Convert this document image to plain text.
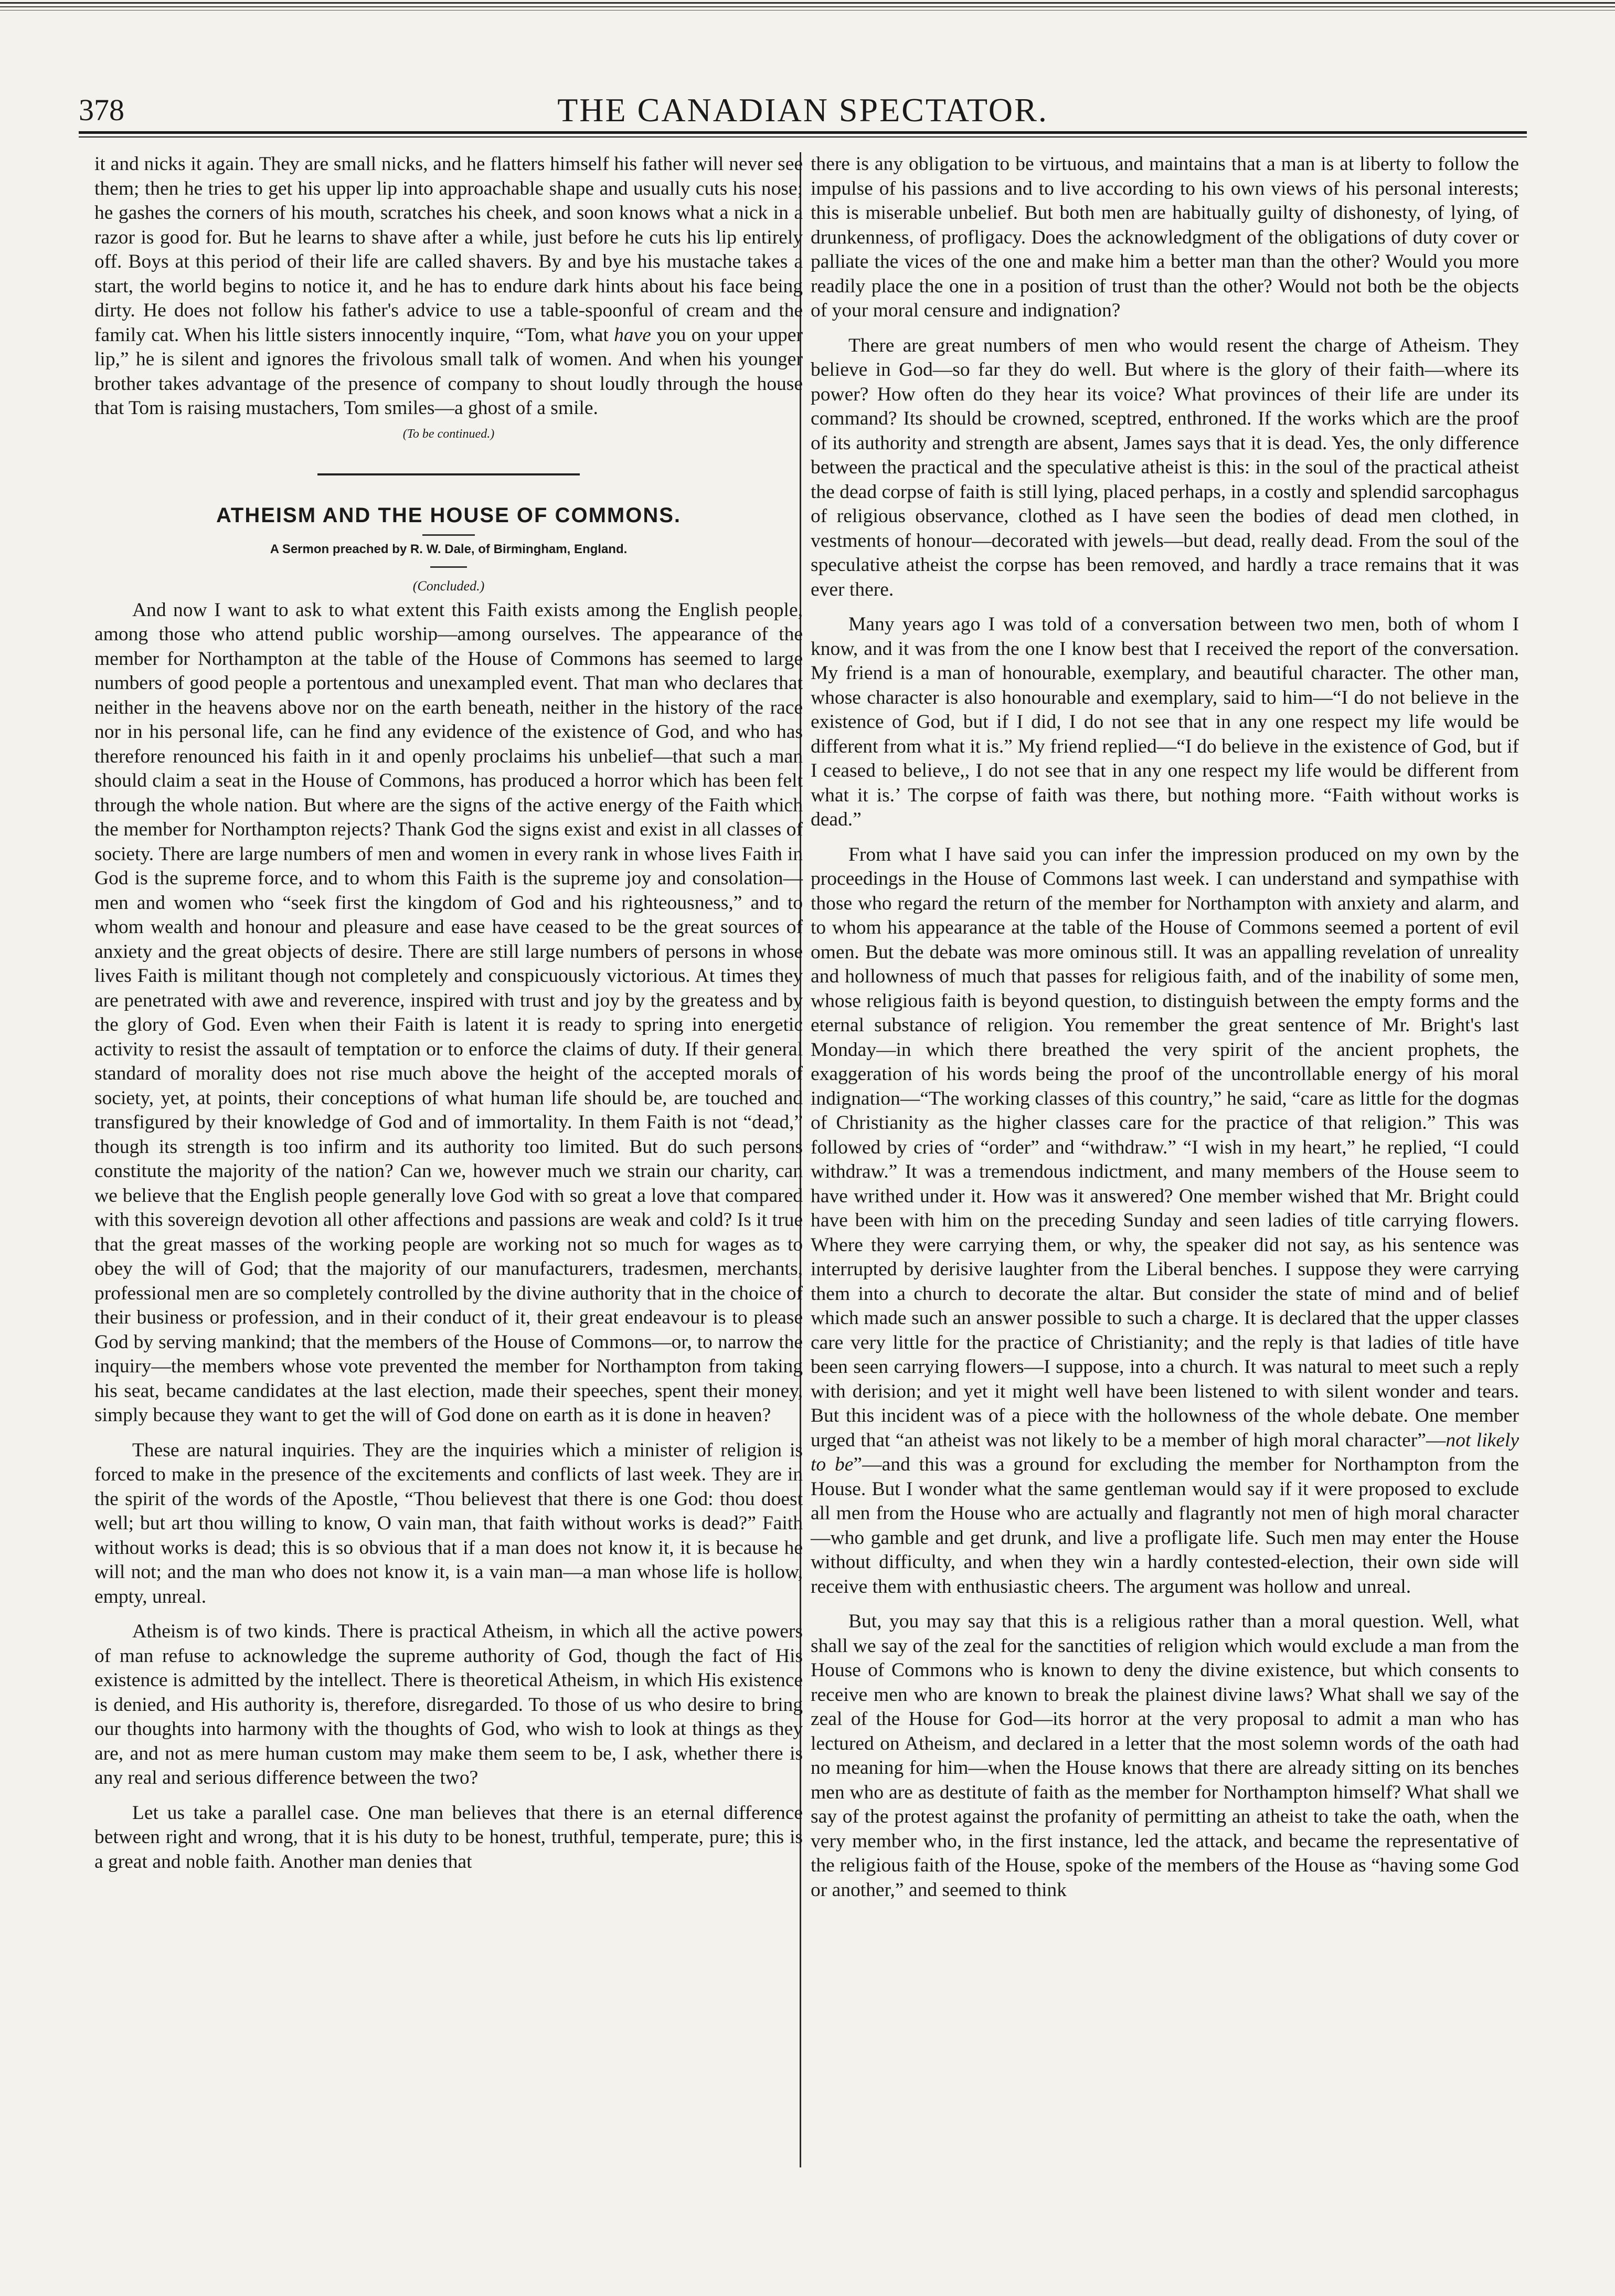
THE CANADIAN SPECTATOR.
378

it and nicks it again. They are small nicks, and he flatters himself his father will never see them; then he tries to get his upper lip into approachable shape and usually cuts his nose; he gashes the corners of his mouth, scratches his cheek, and soon knows what a nick in a razor is good for. But he learns to shave after a while, just before he cuts his lip entirely off. Boys at this period of their life are called shavers. By and bye his mustache takes a start, the world begins to notice it, and he has to endure dark hints about his face being dirty. He does not follow his father's advice to use a table-spoonful of cream and the family cat. When his little sisters innocently inquire, “Tom, what have you on your upper lip,” he is silent and ignores the frivolous small talk of women. And when his younger brother takes advantage of the presence of company to shout loudly through the house that Tom is raising mustachers, Tom smiles—a ghost of a smile.

(To be continued.)
ATHEISM AND THE HOUSE OF COMMONS.
A Sermon preached by R. W. Dale, of Birmingham, England.
(Concluded.)

And now I want to ask to what extent this Faith exists among the English people, among those who attend public worship—among ourselves. The appearance of the member for Northampton at the table of the House of Commons has seemed to large numbers of good people a portentous and unexampled event. That man who declares that neither in the heavens above nor on the earth beneath, neither in the history of the race nor in his personal life, can he find any evidence of the existence of God, and who has therefore renounced his faith in it and openly proclaims his unbelief—that such a man should claim a seat in the House of Commons, has produced a horror which has been felt through the whole nation. But where are the signs of the active energy of the Faith which the member for Northampton rejects? Thank God the signs exist and exist in all classes of society. There are large numbers of men and women in every rank in whose lives Faith in God is the supreme force, and to whom this Faith is the supreme joy and consolation—men and women who “seek first the kingdom of God and his righteousness,” and to whom wealth and honour and pleasure and ease have ceased to be the great sources of anxiety and the great objects of desire. There are still large numbers of persons in whose lives Faith is militant though not completely and conspicuously victorious. At times they are penetrated with awe and reverence, inspired with trust and joy by the greatess and by the glory of God. Even when their Faith is latent it is ready to spring into energetic activity to resist the assault of temptation or to enforce the claims of duty. If their general standard of morality does not rise much above the height of the accepted morals of society, yet, at points, their conceptions of what human life should be, are touched and transfigured by their knowledge of God and of immortality. In them Faith is not “dead,” though its strength is too infirm and its authority too limited. But do such persons constitute the majority of the nation? Can we, however much we strain our charity, can we believe that the English people generally love God with so great a love that compared with this sovereign devotion all other affections and passions are weak and cold? Is it true that the great masses of the working people are working not so much for wages as to obey the will of God; that the majority of our manufacturers, tradesmen, merchants, professional men are so completely controlled by the divine authority that in the choice of their business or profession, and in their conduct of it, their great endeavour is to please God by serving mankind; that the members of the House of Commons—or, to narrow the inquiry—the members whose vote prevented the member for Northampton from taking his seat, became candidates at the last election, made their speeches, spent their money, simply because they want to get the will of God done on earth as it is done in heaven?

These are natural inquiries. They are the inquiries which a minister of religion is forced to make in the presence of the excitements and conflicts of last week. They are in the spirit of the words of the Apostle, “Thou believest that there is one God: thou doest well; but art thou willing to know, O vain man, that faith without works is dead?” Faith without works is dead; this is so obvious that if a man does not know it, it is because he will not; and the man who does not know it, is a vain man—a man whose life is hollow, empty, unreal.

Atheism is of two kinds. There is practical Atheism, in which all the active powers of man refuse to acknowledge the supreme authority of God, though the fact of His existence is admitted by the intellect. There is theoretical Atheism, in which His existence is denied, and His authority is, therefore, disregarded. To those of us who desire to bring our thoughts into harmony with the thoughts of God, who wish to look at things as they are, and not as mere human custom may make them seem to be, I ask, whether there is any real and serious difference between the two?

Let us take a parallel case. One man believes that there is an eternal difference between right and wrong, that it is his duty to be honest, truthful, temperate, pure; this is a great and noble faith. Another man denies that

there is any obligation to be virtuous, and maintains that a man is at liberty to follow the impulse of his passions and to live according to his own views of his personal interests; this is miserable unbelief. But both men are habitually guilty of dishonesty, of lying, of drunkenness, of profligacy. Does the acknowledgment of the obligations of duty cover or palliate the vices of the one and make him a better man than the other? Would you more readily place the one in a position of trust than the other? Would not both be the objects of your moral censure and indignation?

There are great numbers of men who would resent the charge of Atheism. They believe in God—so far they do well. But where is the glory of their faith—where its power? How often do they hear its voice? What provinces of their life are under its command? Its should be crowned, sceptred, enthroned. If the works which are the proof of its authority and strength are absent, James says that it is dead. Yes, the only difference between the practical and the speculative atheist is this: in the soul of the practical atheist the dead corpse of faith is still lying, placed perhaps, in a costly and splendid sarcophagus of religious observance, clothed as I have seen the bodies of dead men clothed, in vestments of honour—decorated with jewels—but dead, really dead. From the soul of the speculative atheist the corpse has been removed, and hardly a trace remains that it was ever there.

Many years ago I was told of a conversation between two men, both of whom I know, and it was from the one I know best that I received the report of the conversation. My friend is a man of honourable, exemplary, and beautiful character. The other man, whose character is also honourable and exemplary, said to him—“I do not believe in the existence of God, but if I did, I do not see that in any one respect my life would be different from what it is.” My friend replied—“I do believe in the existence of God, but if I ceased to believe,, I do not see that in any one respect my life would be different from what it is.’ The corpse of faith was there, but nothing more. “Faith without works is dead.”

From what I have said you can infer the impression produced on my own by the proceedings in the House of Commons last week. I can understand and sympathise with those who regard the return of the member for Northampton with anxiety and alarm, and to whom his appearance at the table of the House of Commons seemed a portent of evil omen. But the debate was more ominous still. It was an appalling revelation of unreality and hollowness of much that passes for religious faith, and of the inability of some men, whose religious faith is beyond question, to distinguish between the empty forms and the eternal substance of religion. You remember the great sentence of Mr. Bright's last Monday—in which there breathed the very spirit of the ancient prophets, the exaggeration of his words being the proof of the uncontrollable energy of his moral indignation—“The working classes of this country,” he said, “care as little for the dogmas of Christianity as the higher classes care for the practice of that religion.” This was followed by cries of “order” and “withdraw.” “I wish in my heart,” he replied, “I could withdraw.” It was a tremendous indictment, and many members of the House seem to have writhed under it. How was it answered? One member wished that Mr. Bright could have been with him on the preceding Sunday and seen ladies of title carrying flowers. Where they were carrying them, or why, the speaker did not say, as his sentence was interrupted by derisive laughter from the Liberal benches. I suppose they were carrying them into a church to decorate the altar. But consider the state of mind and of belief which made such an answer possible to such a charge. It is declared that the upper classes care very little for the practice of Christianity; and the reply is that ladies of title have been seen carrying flowers—I suppose, into a church. It was natural to meet such a reply with derision; and yet it might well have been listened to with silent wonder and tears. But this incident was of a piece with the hollowness of the whole debate. One member urged that “an atheist was not likely to be a member of high moral character”—not likely to be”—and this was a ground for excluding the member for Northampton from the House. But I wonder what the same gentleman would say if it were proposed to exclude all men from the House who are actually and flagrantly not men of high moral character—who gamble and get drunk, and live a profligate life. Such men may enter the House without difficulty, and when they win a hardly contested-election, their own side will receive them with enthusiastic cheers. The argument was hollow and unreal.

But, you may say that this is a religious rather than a moral question. Well, what shall we say of the zeal for the sanctities of religion which would exclude a man from the House of Commons who is known to deny the divine existence, but which consents to receive men who are known to break the plainest divine laws? What shall we say of the zeal of the House for God—its horror at the very proposal to admit a man who has lectured on Atheism, and declared in a letter that the most solemn words of the oath had no meaning for him—when the House knows that there are already sitting on its benches men who are as destitute of faith as the member for Northampton himself? What shall we say of the protest against the profanity of permitting an atheist to take the oath, when the very member who, in the first instance, led the attack, and became the representative of the religious faith of the House, spoke of the members of the House as “having some God or another,” and seemed to think
